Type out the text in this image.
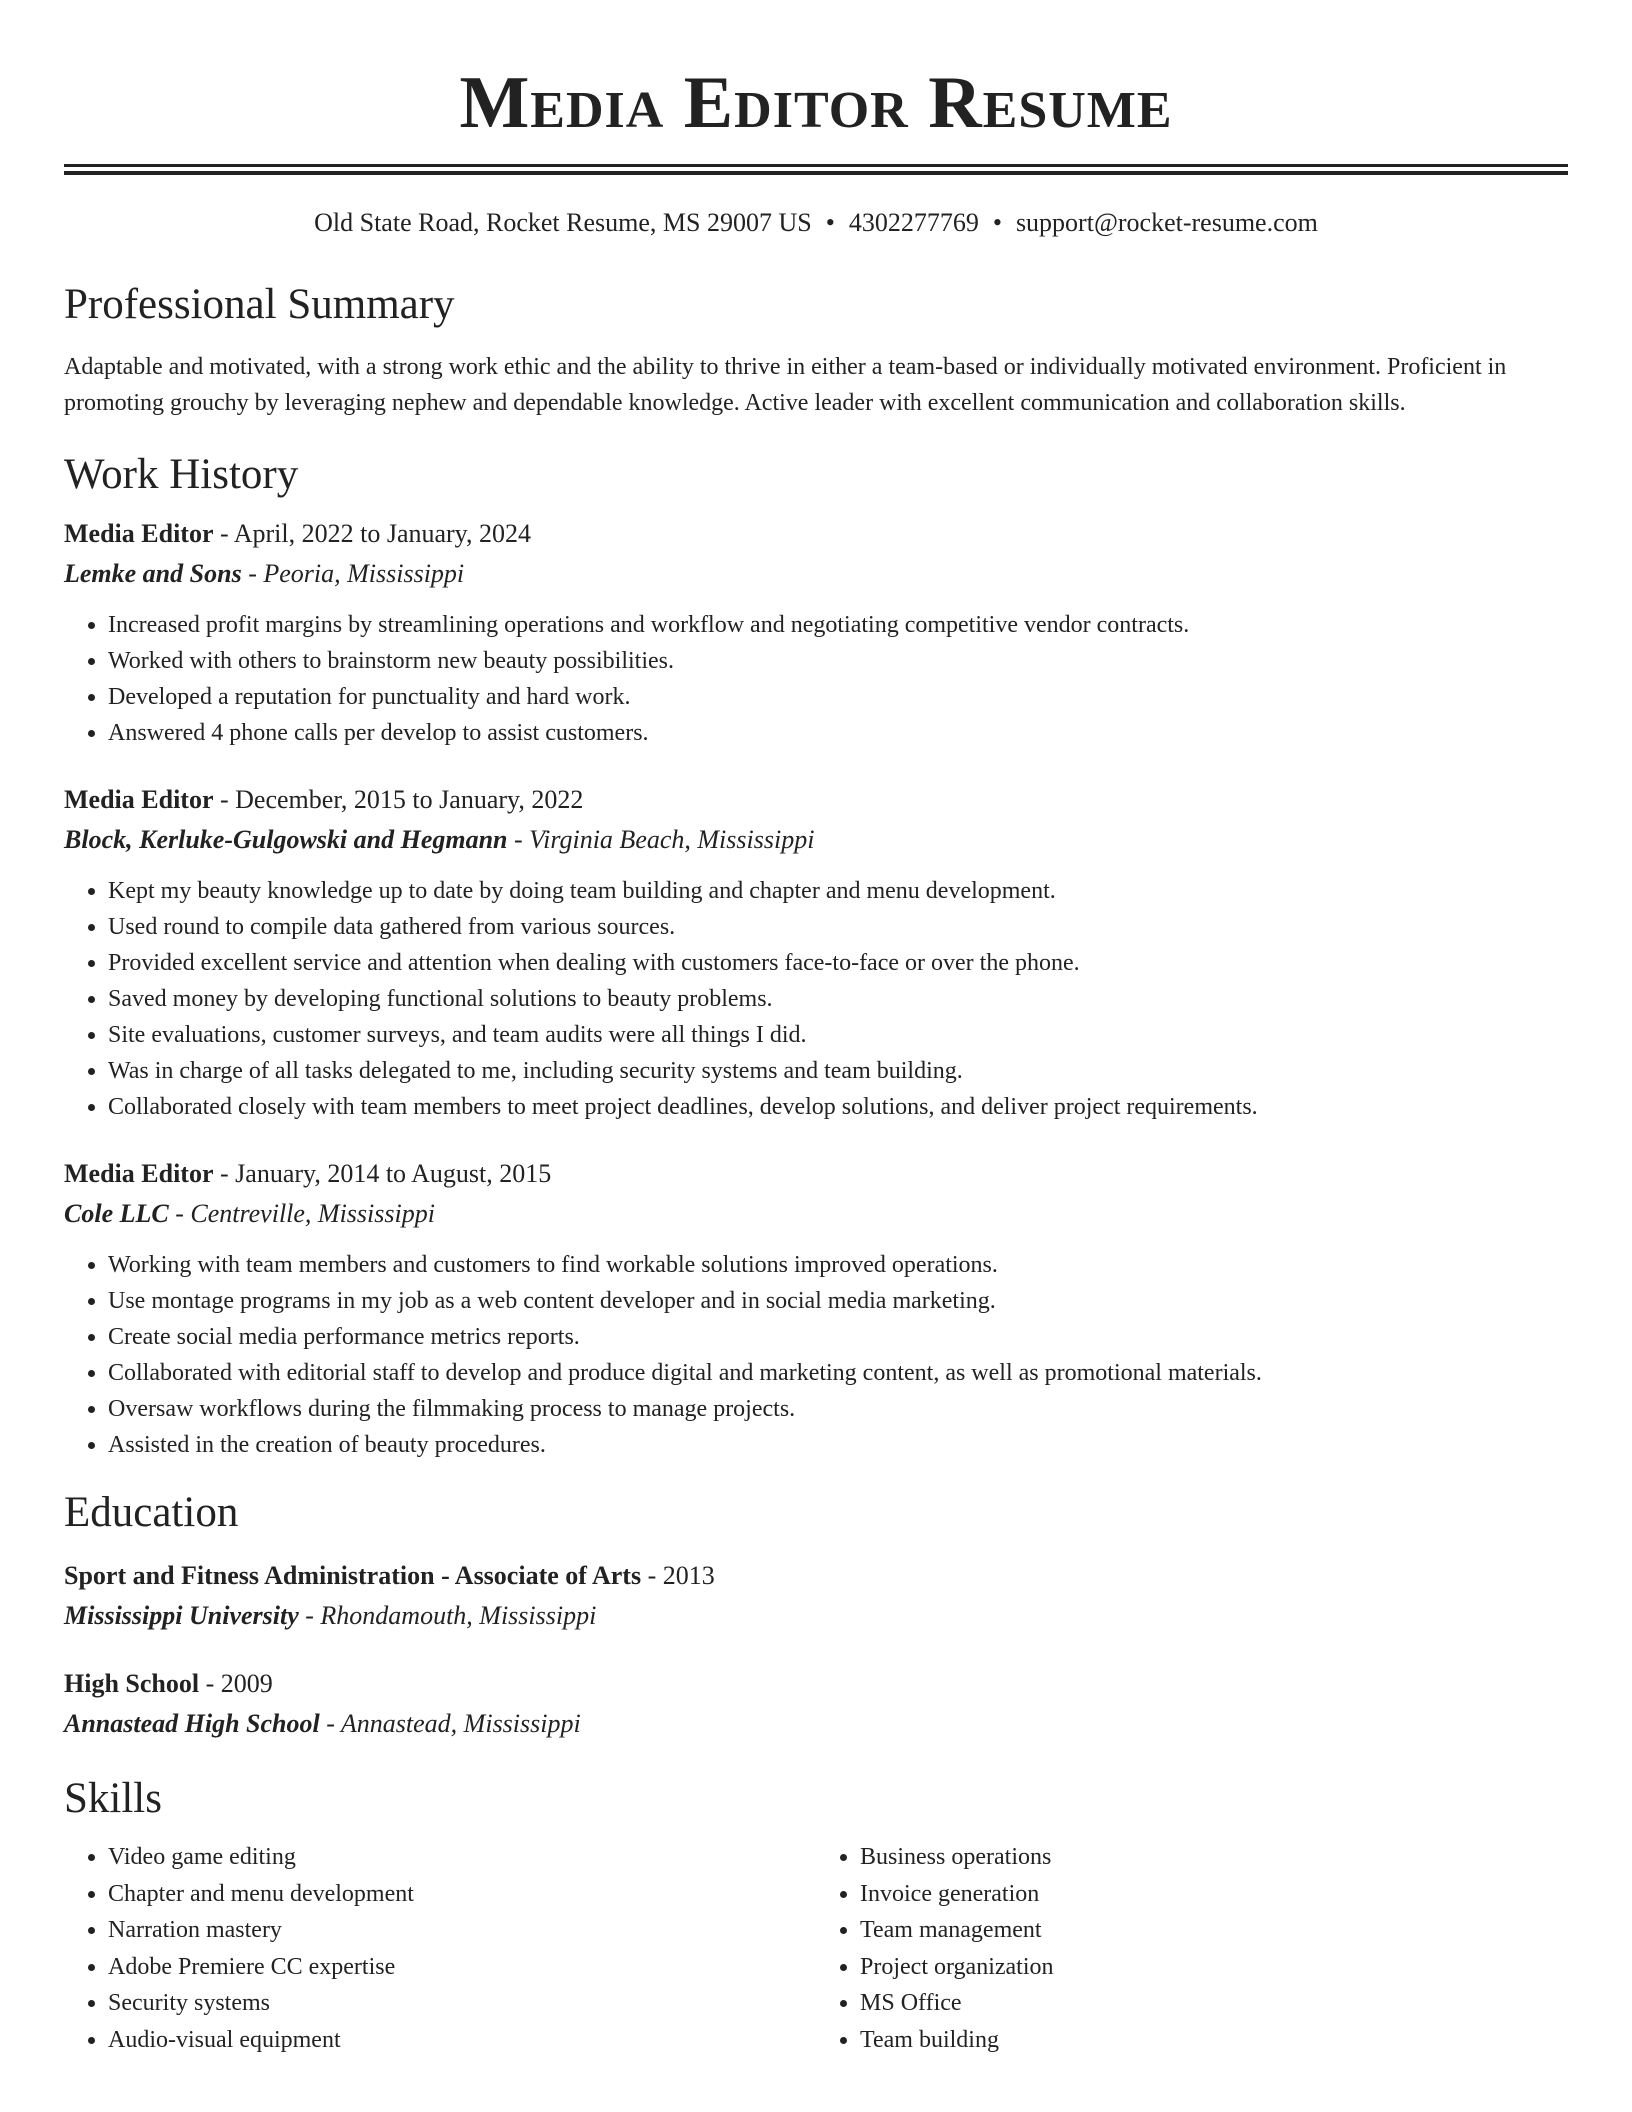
Media Editor Resume
Old State Road, Rocket Resume, MS 29007 US • 4302277769 • support@rocket-resume.com
Professional Summary

Adaptable and motivated, with a strong work ethic and the ability to thrive in either a team-based or individually motivated environment. Proficient in promoting grouchy by leveraging nephew and dependable knowledge. Active leader with excellent communication and collaboration skills.

Work History
Media Editor - April, 2022 to January, 2024
Lemke and Sons - Peoria, Mississippi
• Increased profit margins by streamlining operations and workflow and negotiating competitive vendor contracts.
• Worked with others to brainstorm new beauty possibilities.
• Developed a reputation for punctuality and hard work.
• Answered 4 phone calls per develop to assist customers.
Media Editor - December, 2015 to January, 2022
Block, Kerluke-Gulgowski and Hegmann - Virginia Beach, Mississippi
• Kept my beauty knowledge up to date by doing team building and chapter and menu development.
• Used round to compile data gathered from various sources.
• Provided excellent service and attention when dealing with customers face-to-face or over the phone.
• Saved money by developing functional solutions to beauty problems.
• Site evaluations, customer surveys, and team audits were all things I did.
• Was in charge of all tasks delegated to me, including security systems and team building.
• Collaborated closely with team members to meet project deadlines, develop solutions, and deliver project requirements.
Media Editor - January, 2014 to August, 2015
Cole LLC - Centreville, Mississippi
• Working with team members and customers to find workable solutions improved operations.
• Use montage programs in my job as a web content developer and in social media marketing.
• Create social media performance metrics reports.
• Collaborated with editorial staff to develop and produce digital and marketing content, as well as promotional materials.
• Oversaw workflows during the filmmaking process to manage projects.
• Assisted in the creation of beauty procedures.
Education
Sport and Fitness Administration - Associate of Arts - 2013
Mississippi University - Rhondamouth, Mississippi
High School - 2009
Annastead High School - Annastead, Mississippi
Skills
• Video game editing
• Chapter and menu development
• Narration mastery
• Adobe Premiere CC expertise
• Security systems
• Audio-visual equipment
• Business operations
• Invoice generation
• Team management
• Project organization
• MS Office
• Team building
